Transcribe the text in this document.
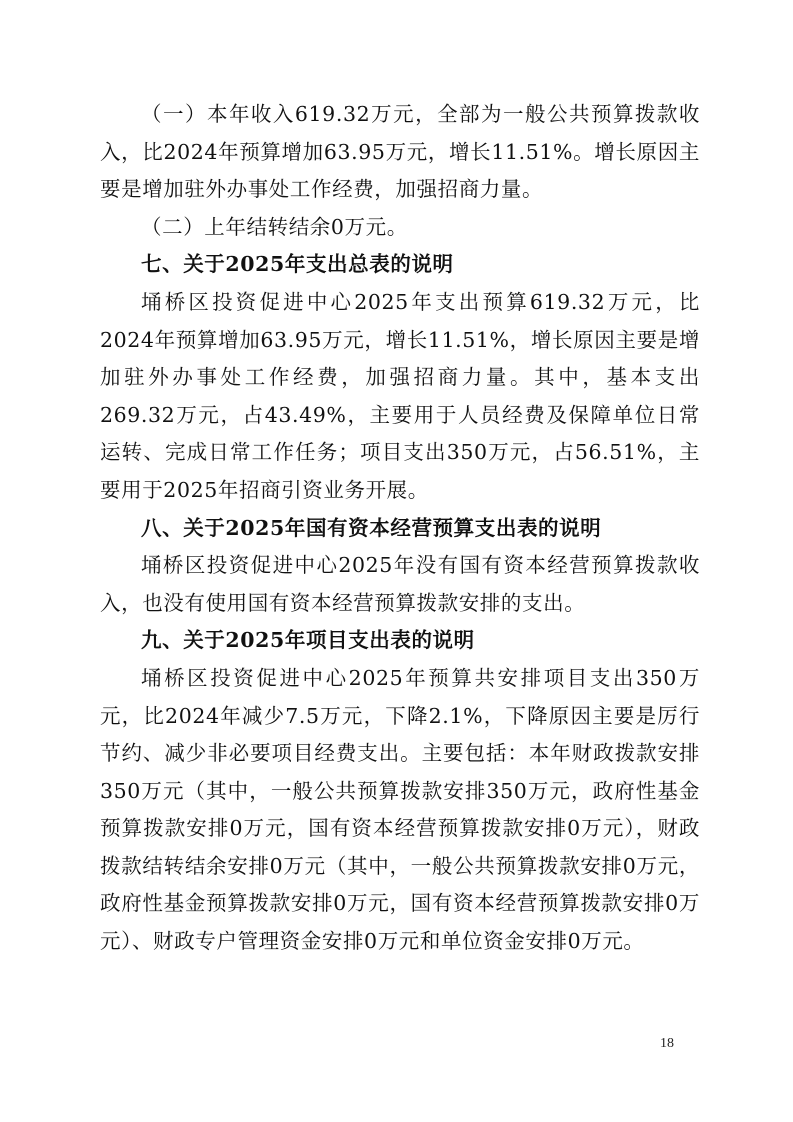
（一）本年收入619.32万元，全部为一般公共预算拨款收入，比2024年预算增加63.95万元，增长11.51%。增长原因主要是增加驻外办事处工作经费，加强招商力量。

（二）上年结转结余0万元。

七、关于2025年支出总表的说明

埇桥区投资促进中心2025年支出预算619.32万元，比 2024年预算增加63.95万元，增长11.51%，增长原因主要是增加驻外办事处工作经费，加强招商力量。其中，基本支出269.32万元，占43.49%，主要用于人员经费及保障单位日常运转、完成日常工作任务；项目支出350万元，占56.51%，主要用于2025年招商引资业务开展。

八、关于2025年国有资本经营预算支出表的说明

埇桥区投资促进中心2025年没有国有资本经营预算拨款收入，也没有使用国有资本经营预算拨款安排的支出。

九、关于2025年项目支出表的说明

埇桥区投资促进中心2025年预算共安排项目支出350万元，比2024年减少7.5万元，下降2.1%，下降原因主要是厉行节约、减少非必要项目经费支出。主要包括：本年财政拨款安排350万元（其中，一般公共预算拨款安排350万元，政府性基金预算拨款安排0万元，国有资本经营预算拨款安排0万元），财政拨款结转结余安排0万元（其中，一般公共预算拨款安排0万元，政府性基金预算拨款安排0万元，国有资本经营预算拨款安排0万元）、财政专户管理资金安排0万元和单位资金安排0万元。

18
